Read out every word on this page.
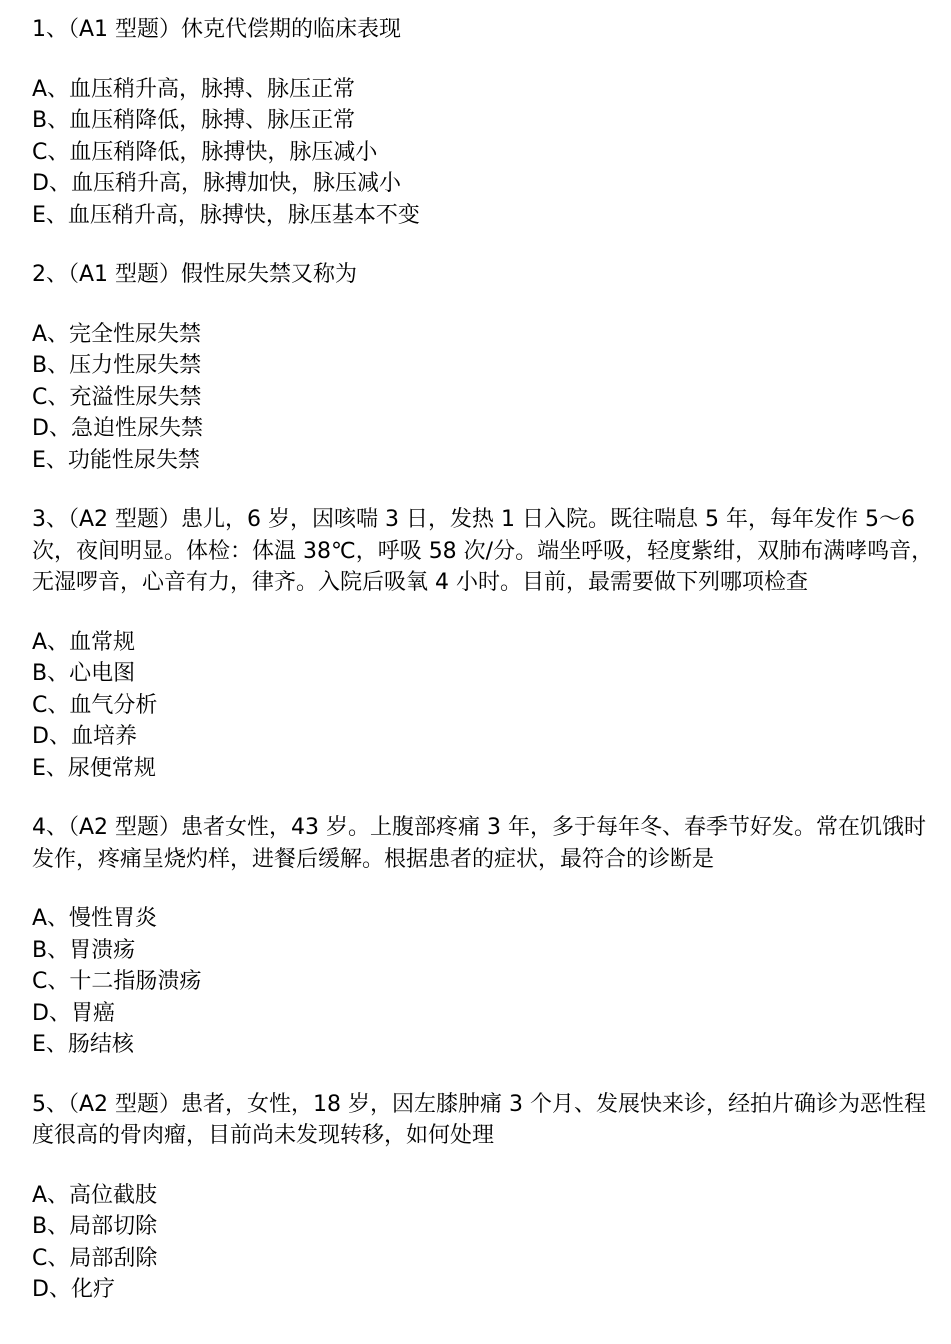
1、（A1 型题）休克代偿期的临床表现
A、血压稍升高，脉搏、脉压正常
B、血压稍降低，脉搏、脉压正常
C、血压稍降低，脉搏快，脉压减小
D、血压稍升高，脉搏加快，脉压减小
E、血压稍升高，脉搏快，脉压基本不变
2、（A1 型题）假性尿失禁又称为
A、完全性尿失禁
B、压力性尿失禁
C、充溢性尿失禁
D、急迫性尿失禁
E、功能性尿失禁
3、（A2 型题）患儿，6 岁，因咳喘 3 日，发热 1 日入院。既往喘息 5 年，每年发作 5～6 次，夜间明显。体检：体温 38℃，呼吸 58 次/分。端坐呼吸，轻度紫绀，双肺布满哮鸣音，无湿啰音，心音有力，律齐。入院后吸氧 4 小时。目前，最需要做下列哪项检查
A、血常规
B、心电图
C、血气分析
D、血培养
E、尿便常规
4、（A2 型题）患者女性，43 岁。上腹部疼痛 3 年，多于每年冬、春季节好发。常在饥饿时发作，疼痛呈烧灼样，进餐后缓解。根据患者的症状，最符合的诊断是
A、慢性胃炎
B、胃溃疡
C、十二指肠溃疡
D、胃癌
E、肠结核
5、（A2 型题）患者，女性，18 岁，因左膝肿痛 3 个月、发展快来诊，经拍片确诊为恶性程度很高的骨肉瘤，目前尚未发现转移，如何处理
A、高位截肢
B、局部切除
C、局部刮除
D、化疗
